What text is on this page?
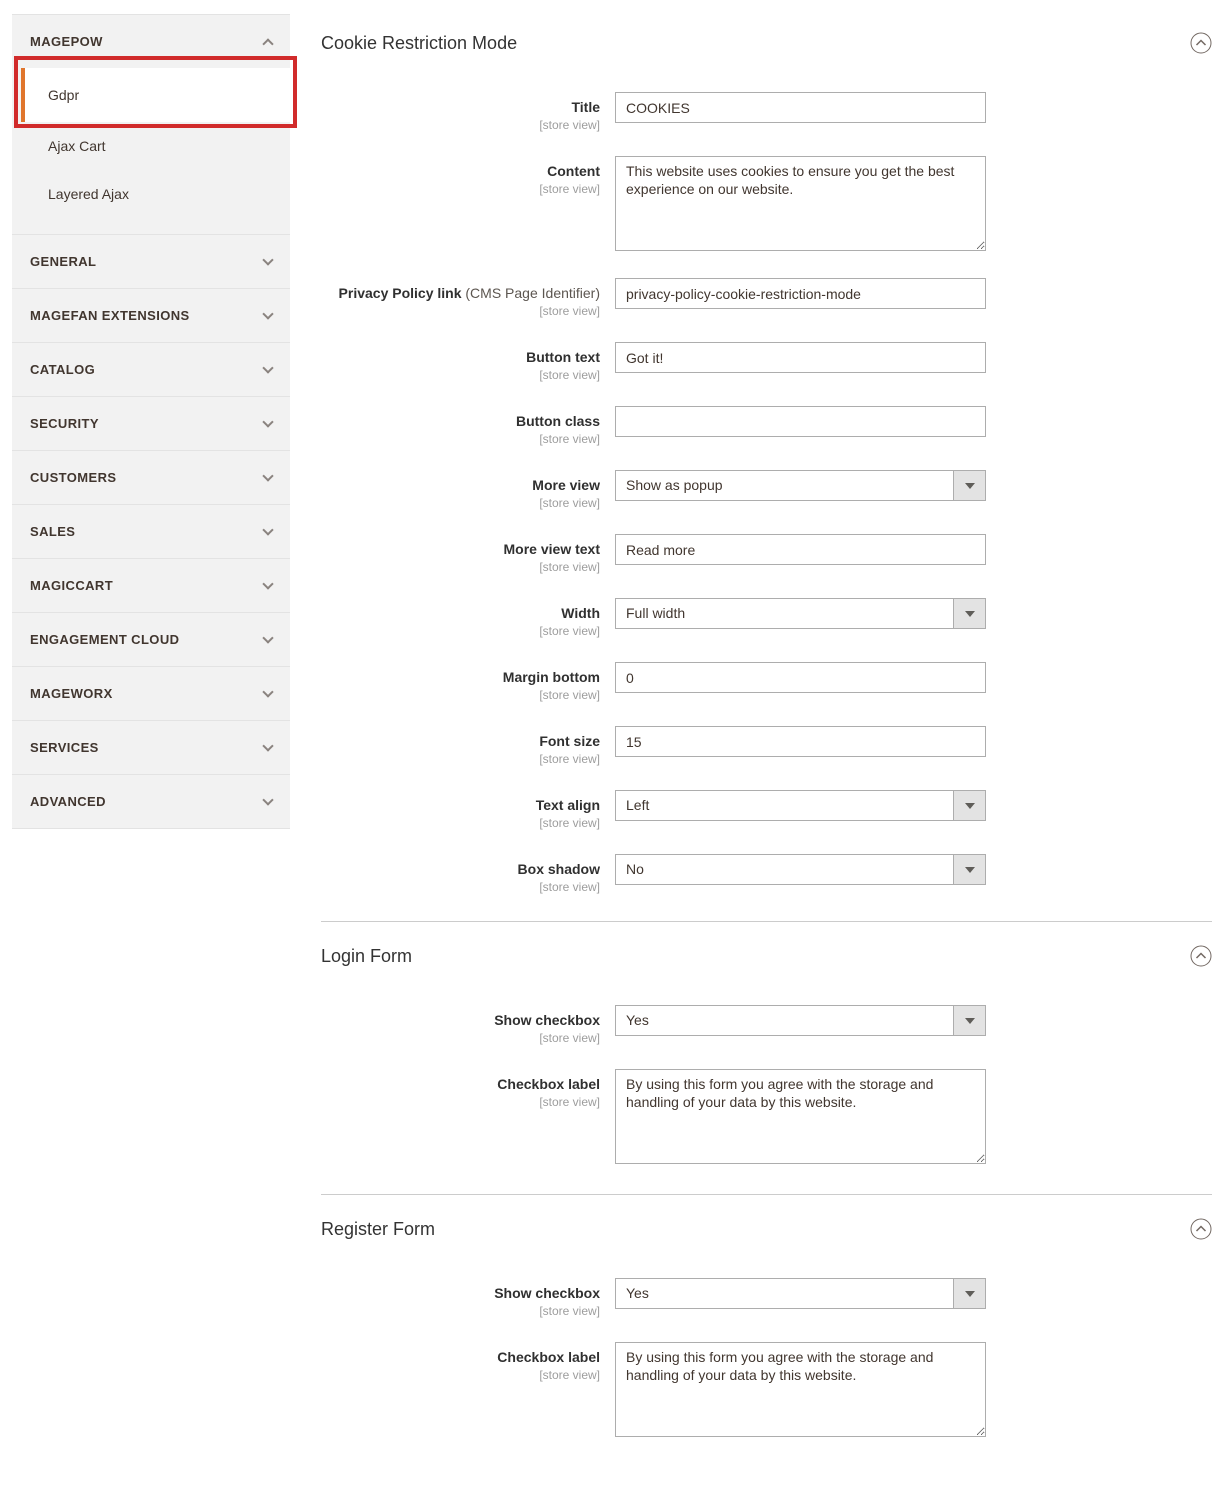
MAGEPOW
Gdpr
Ajax Cart
Layered Ajax
GENERAL
MAGEFAN EXTENSIONS
CATALOG
SECURITY
CUSTOMERS
SALES
MAGICCART
ENGAGEMENT CLOUD
MAGEWORX
SERVICES
ADVANCED
Cookie Restriction Mode
Title
[store view]
COOKIES
Content
[store view]
This website uses cookies to ensure you get the best experience on our website.
Privacy Policy link (CMS Page Identifier)
[store view]
privacy-policy-cookie-restriction-mode
Button text
[store view]
Got it!
Button class
[store view]
More view
[store view]
Show as popup
More view text
[store view]
Read more
Width
[store view]
Full width
Margin bottom
[store view]
0
Font size
[store view]
15
Text align
[store view]
Left
Box shadow
[store view]
No
Login Form
Show checkbox
[store view]
Yes
Checkbox label
[store view]
By using this form you agree with the storage and handling of your data by this website.
Register Form
Show checkbox
[store view]
Yes
Checkbox label
[store view]
By using this form you agree with the storage and handling of your data by this website.
